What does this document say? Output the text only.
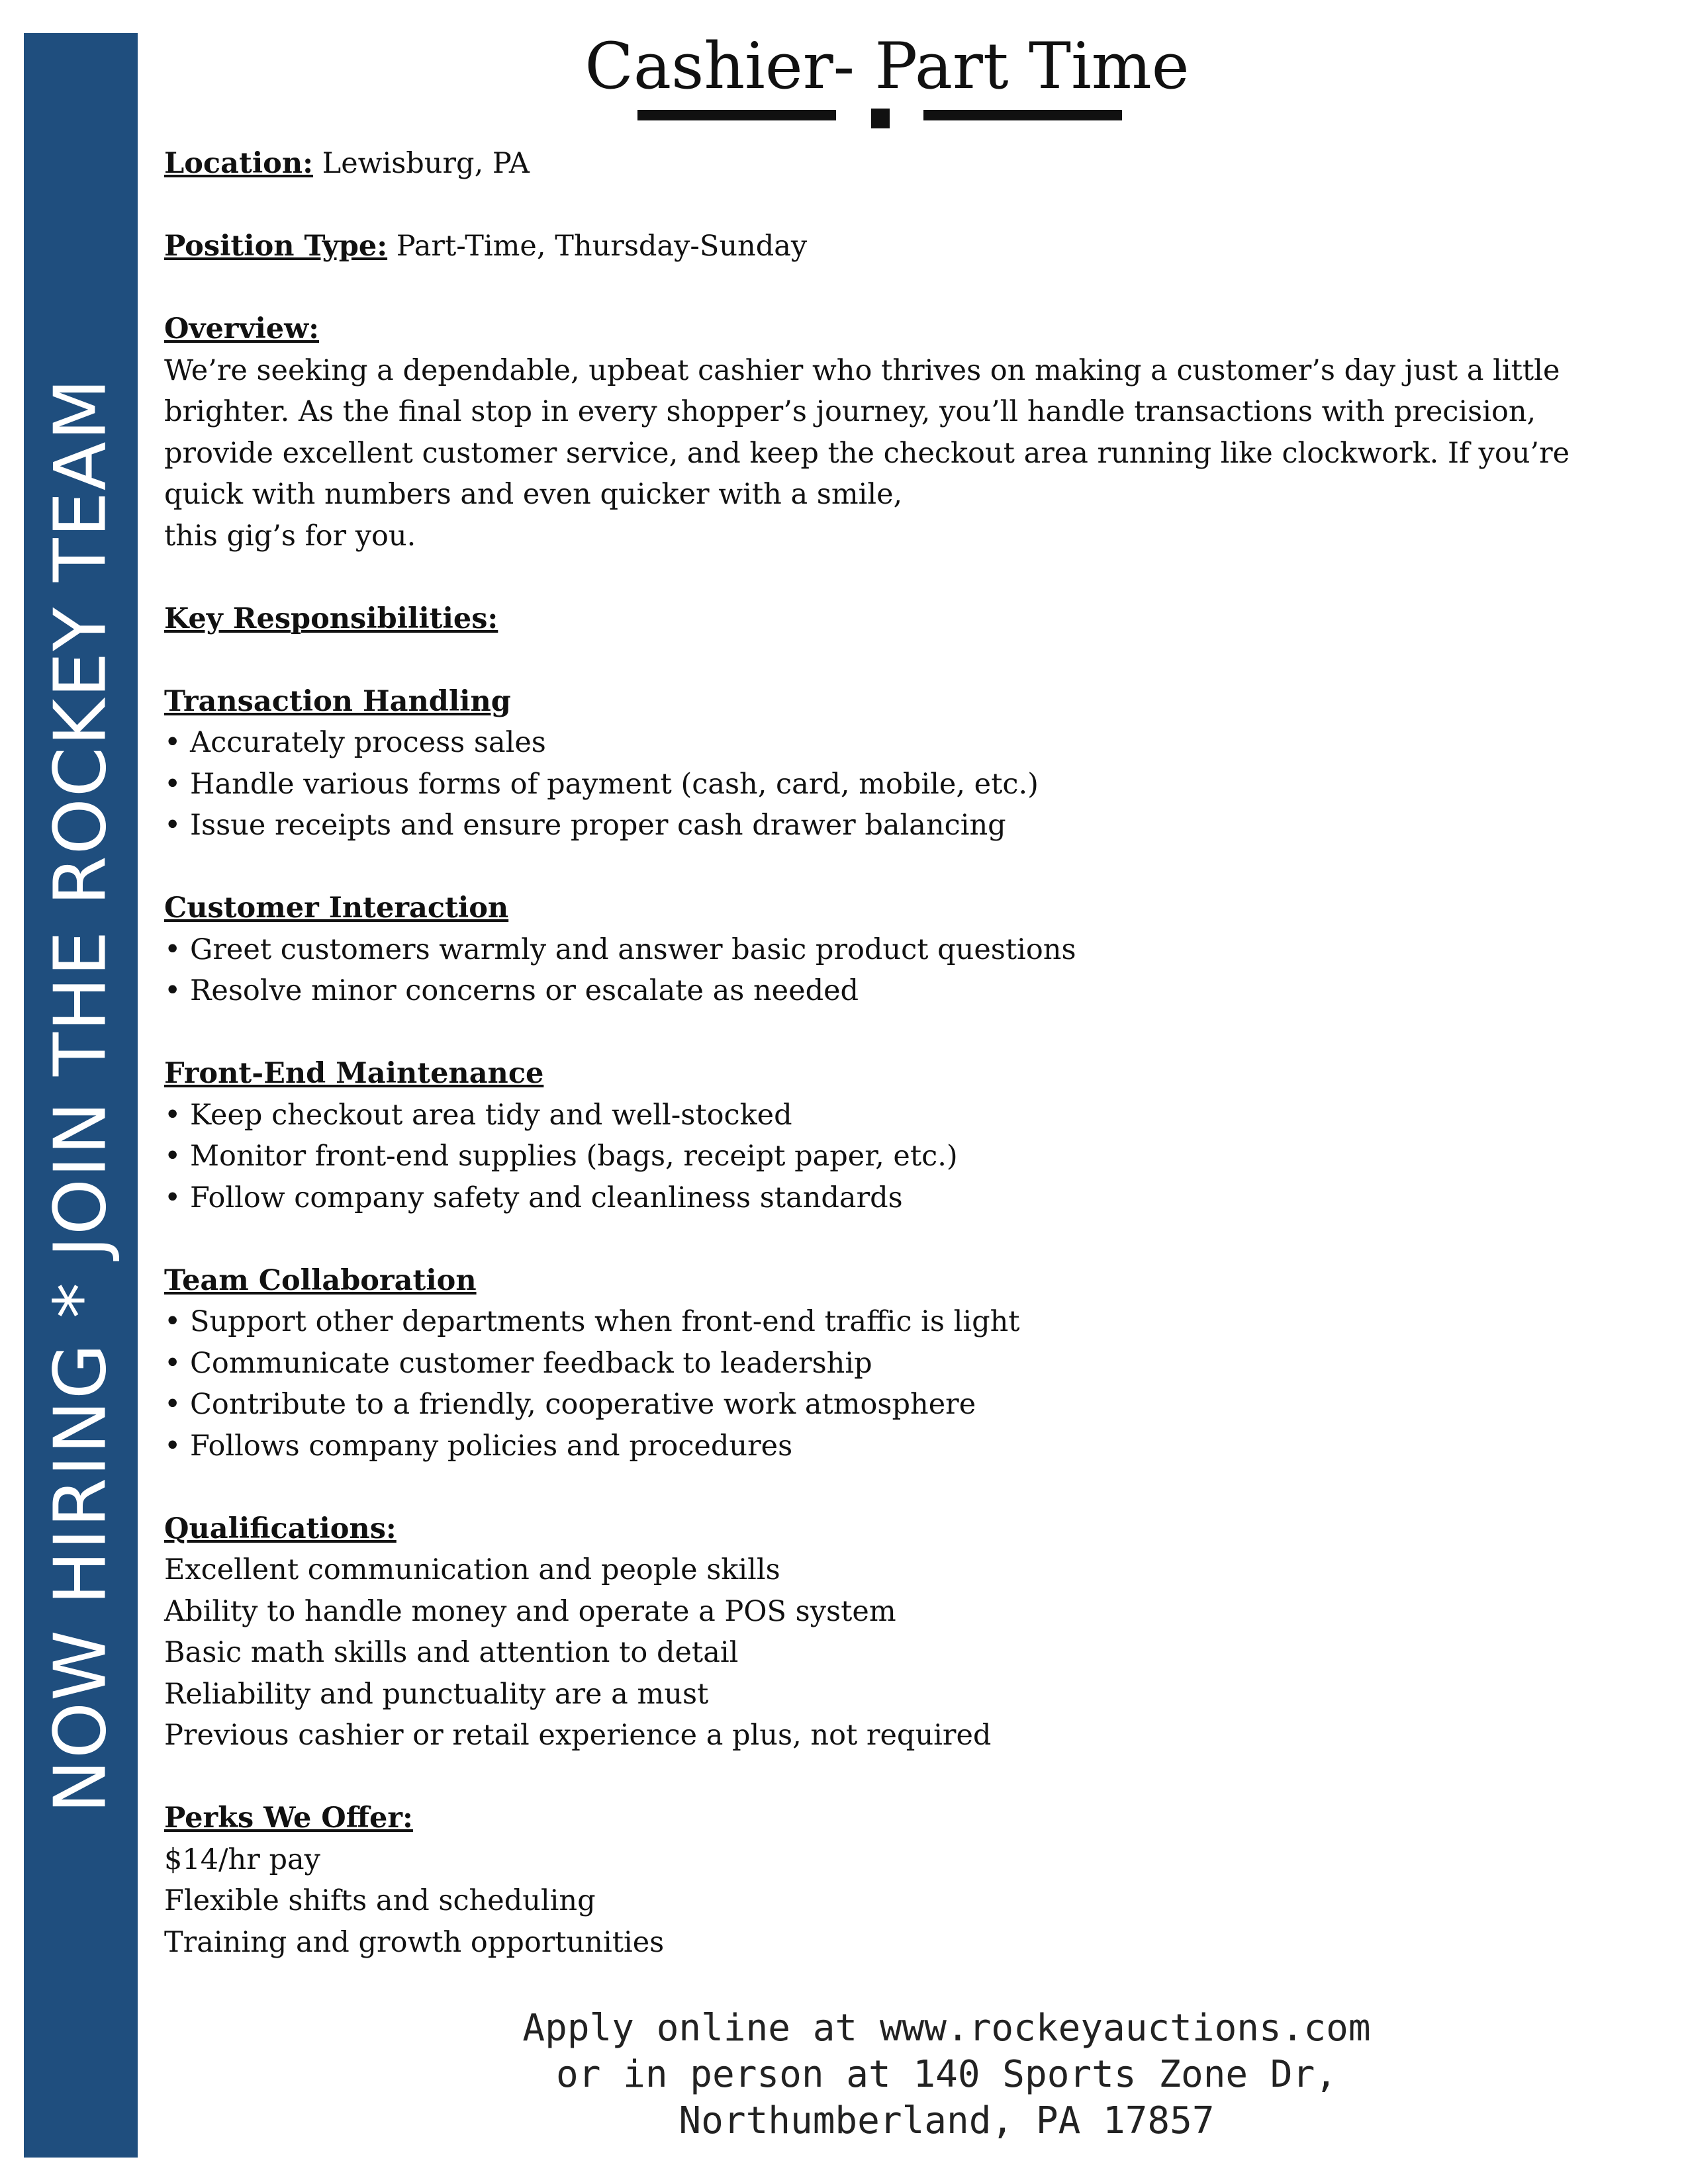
NOW HIRING * JOIN THE ROCKEY TEAM
Cashier- Part Time
Location: Lewisburg, PA
Position Type: Part-Time, Thursday-Sunday
Overview:
We’re seeking a dependable, upbeat cashier who thrives on making a customer’s day just a little
brighter. As the final stop in every shopper’s journey, you’ll handle transactions with precision,
provide excellent customer service, and keep the checkout area running like clockwork. If you’re
quick with numbers and even quicker with a smile,
this gig’s for you.
Key Responsibilities:
Transaction Handling
• Accurately process sales
• Handle various forms of payment (cash, card, mobile, etc.)
• Issue receipts and ensure proper cash drawer balancing
Customer Interaction
• Greet customers warmly and answer basic product questions
• Resolve minor concerns or escalate as needed
Front-End Maintenance
• Keep checkout area tidy and well-stocked
• Monitor front-end supplies (bags, receipt paper, etc.)
• Follow company safety and cleanliness standards
Team Collaboration
• Support other departments when front-end traffic is light
• Communicate customer feedback to leadership
• Contribute to a friendly, cooperative work atmosphere
• Follows company policies and procedures
Qualifications:
Excellent communication and people skills
Ability to handle money and operate a POS system
Basic math skills and attention to detail
Reliability and punctuality are a must
Previous cashier or retail experience a plus, not required
Perks We Offer:
$14/hr pay
Flexible shifts and scheduling
Training and growth opportunities
Apply online at www.rockeyauctions.com
or in person at 140 Sports Zone Dr,
Northumberland, PA 17857
